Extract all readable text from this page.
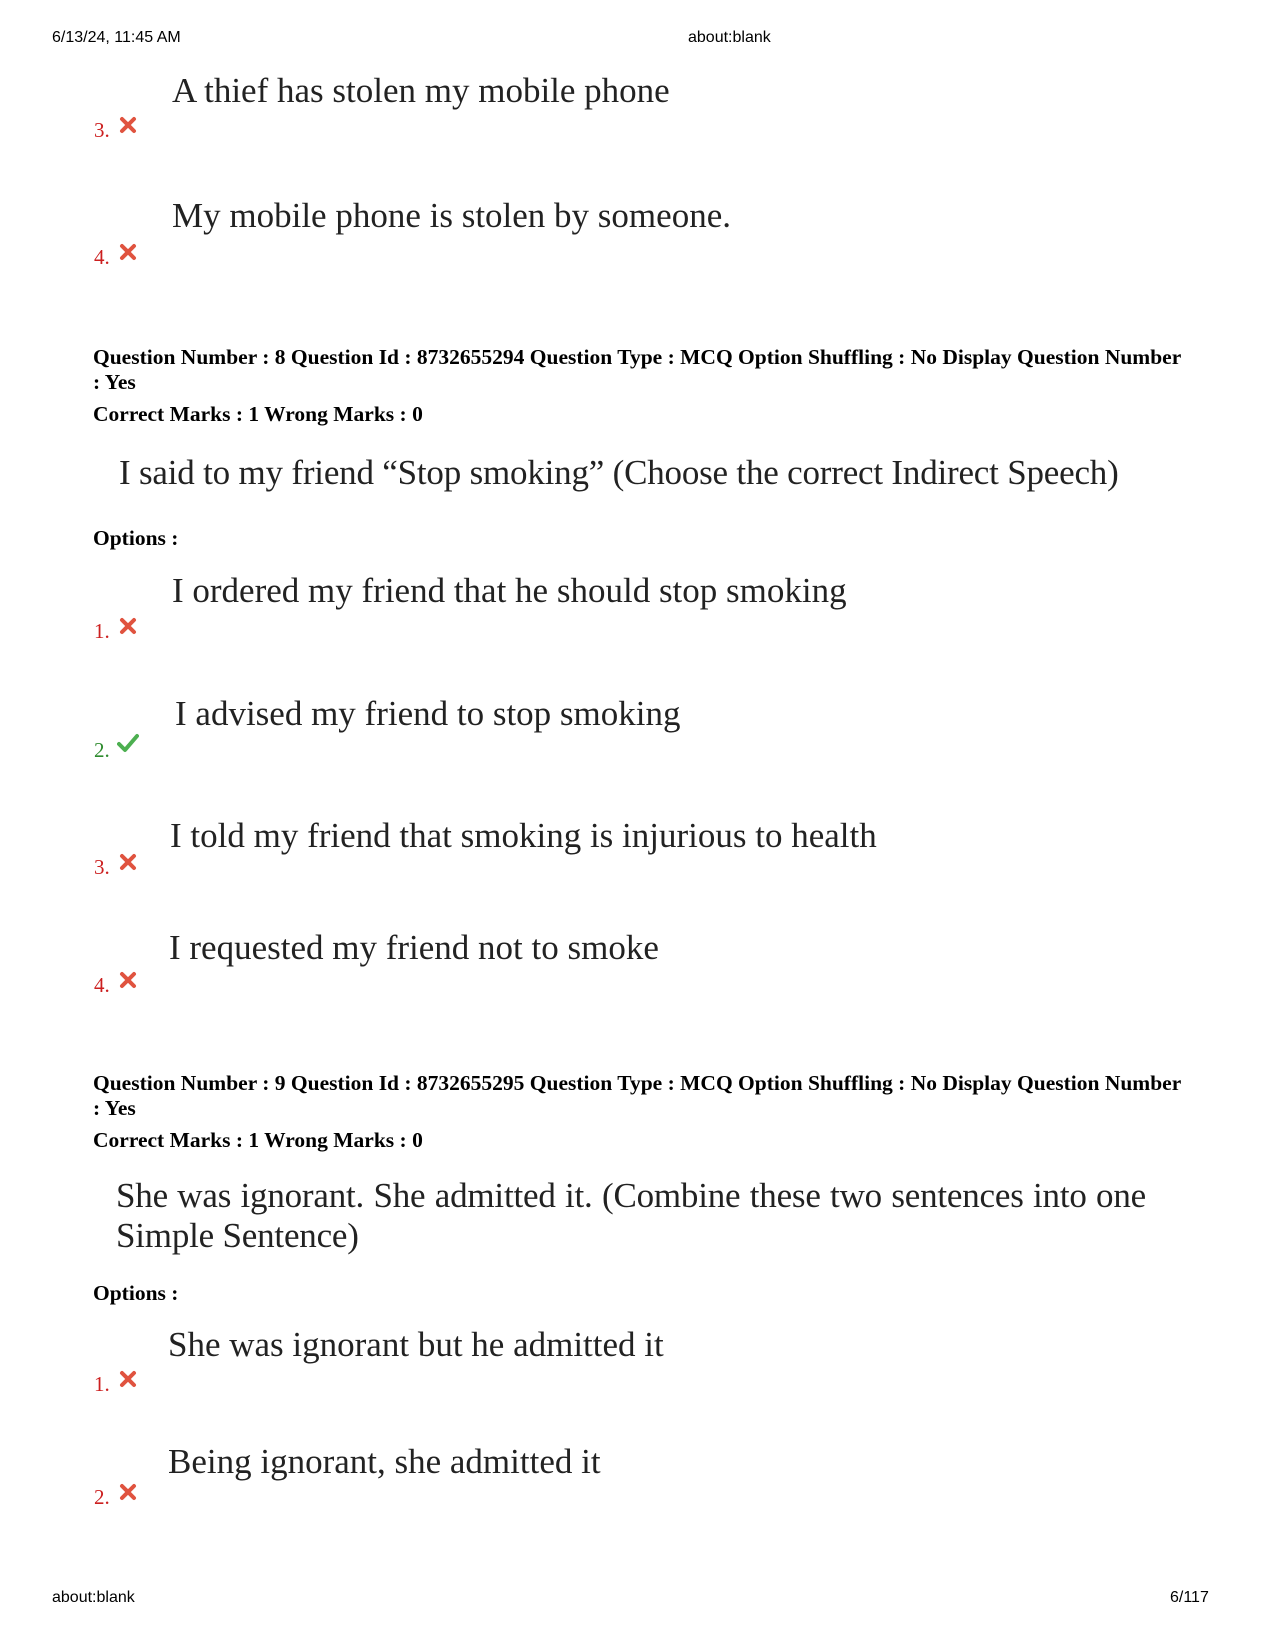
6/13/24, 11:45 AM	about:blank
A thief has stolen my mobile phone
3.
My mobile phone is stolen by someone.
4.
Question Number : 8 Question Id : 8732655294 Question Type : MCQ Option Shuffling : No Display Question Number : Yes
Correct Marks : 1 Wrong Marks : 0
I said to my friend “Stop smoking” (Choose the correct Indirect Speech)
Options :
I ordered my friend that he should stop smoking
1.
I advised my friend to stop smoking
2.
I told my friend that smoking is injurious to health
3.
I requested my friend not to smoke
4.
Question Number : 9 Question Id : 8732655295 Question Type : MCQ Option Shuffling : No Display Question Number : Yes
Correct Marks : 1 Wrong Marks : 0
She was ignorant. She admitted it. (Combine these two sentences into one Simple Sentence)
Options :
She was ignorant but he admitted it
1.
Being ignorant, she admitted it
2.
about:blank	6/117
